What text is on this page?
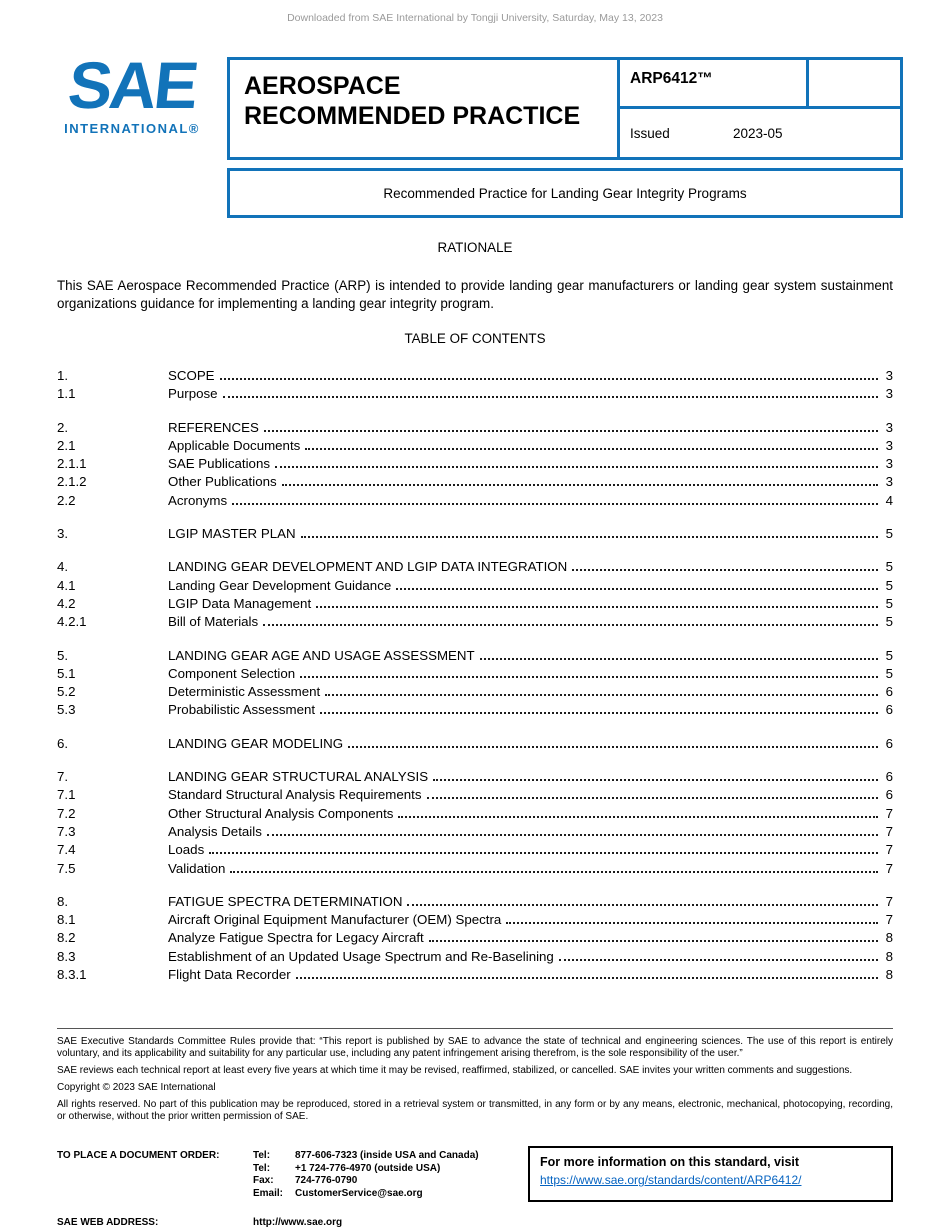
Downloaded from SAE International by Tongji University, Saturday, May 13, 2023
SAE
INTERNATIONAL®
AEROSPACE
RECOMMENDED PRACTICE
ARP6412™
Issued	2023-05
Recommended Practice for Landing Gear Integrity Programs
RATIONALE
This SAE Aerospace Recommended Practice (ARP) is intended to provide landing gear manufacturers or landing gear system sustainment organizations guidance for implementing a landing gear integrity program.
TABLE OF CONTENTS
1.	SCOPE	3
1.1	Purpose	3
2.	REFERENCES	3
2.1	Applicable Documents	3
2.1.1	SAE Publications	3
2.1.2	Other Publications	3
2.2	Acronyms	4
3.	LGIP MASTER PLAN	5
4.	LANDING GEAR DEVELOPMENT AND LGIP DATA INTEGRATION	5
4.1	Landing Gear Development Guidance	5
4.2	LGIP Data Management	5
4.2.1	Bill of Materials	5
5.	LANDING GEAR AGE AND USAGE ASSESSMENT	5
5.1	Component Selection	5
5.2	Deterministic Assessment	6
5.3	Probabilistic Assessment	6
6.	LANDING GEAR MODELING	6
7.	LANDING GEAR STRUCTURAL ANALYSIS	6
7.1	Standard Structural Analysis Requirements	6
7.2	Other Structural Analysis Components	7
7.3	Analysis Details	7
7.4	Loads	7
7.5	Validation	7
8.	FATIGUE SPECTRA DETERMINATION	7
8.1	Aircraft Original Equipment Manufacturer (OEM) Spectra	7
8.2	Analyze Fatigue Spectra for Legacy Aircraft	8
8.3	Establishment of an Updated Usage Spectrum and Re-Baselining	8
8.3.1	Flight Data Recorder	8

SAE Executive Standards Committee Rules provide that: “This report is published by SAE to advance the state of technical and engineering sciences. The use of this report is entirely voluntary, and its applicability and suitability for any particular use, including any patent infringement arising therefrom, is the sole responsibility of the user.”

SAE reviews each technical report at least every five years at which time it may be revised, reaffirmed, stabilized, or cancelled. SAE invites your written comments and suggestions.

Copyright © 2023 SAE International

All rights reserved. No part of this publication may be reproduced, stored in a retrieval system or transmitted, in any form or by any means, electronic, mechanical, photocopying, recording, or otherwise, without the prior written permission of SAE.

TO PLACE A DOCUMENT ORDER:	Tel:	877-606-7323 (inside USA and Canada)
Tel:	+1 724-776-4970 (outside USA)
Fax:	724-776-0790
Email:	CustomerService@sae.org
SAE WEB ADDRESS:	http://www.sae.org
For more information on this standard, visit
https://www.sae.org/standards/content/ARP6412/
